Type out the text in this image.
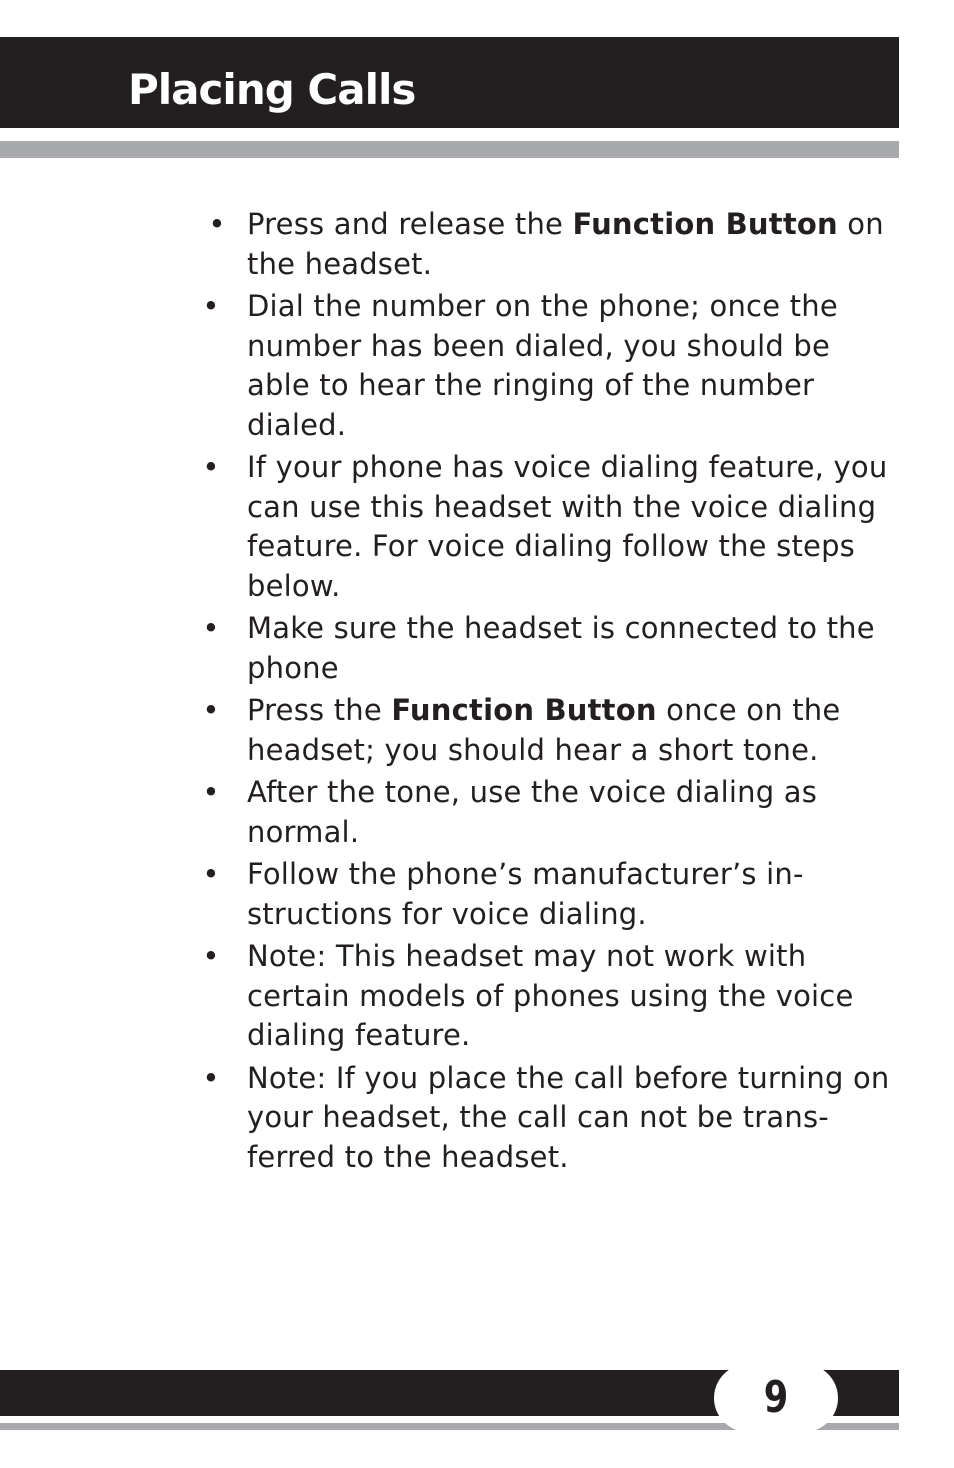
Placing Calls
• Press and release the Function Button on the headset.
• Dial the number on the phone; once the number has been dialed, you should be able to hear the ringing of the number dialed.
• If your phone has voice dialing feature, you can use this headset with the voice dialing feature. For voice dialing follow the steps below.
• Make sure the headset is connected to the phone
• Press the Function Button once on the headset; you should hear a short tone.
• After the tone, use the voice dialing as normal.
• Follow the phone’s manufacturer’s in-structions for voice dialing.
• Note: This headset may not work with certain models of phones using the voice dialing feature.
• Note: If you place the call before turning on your headset, the call can not be trans-ferred to the headset.
9
